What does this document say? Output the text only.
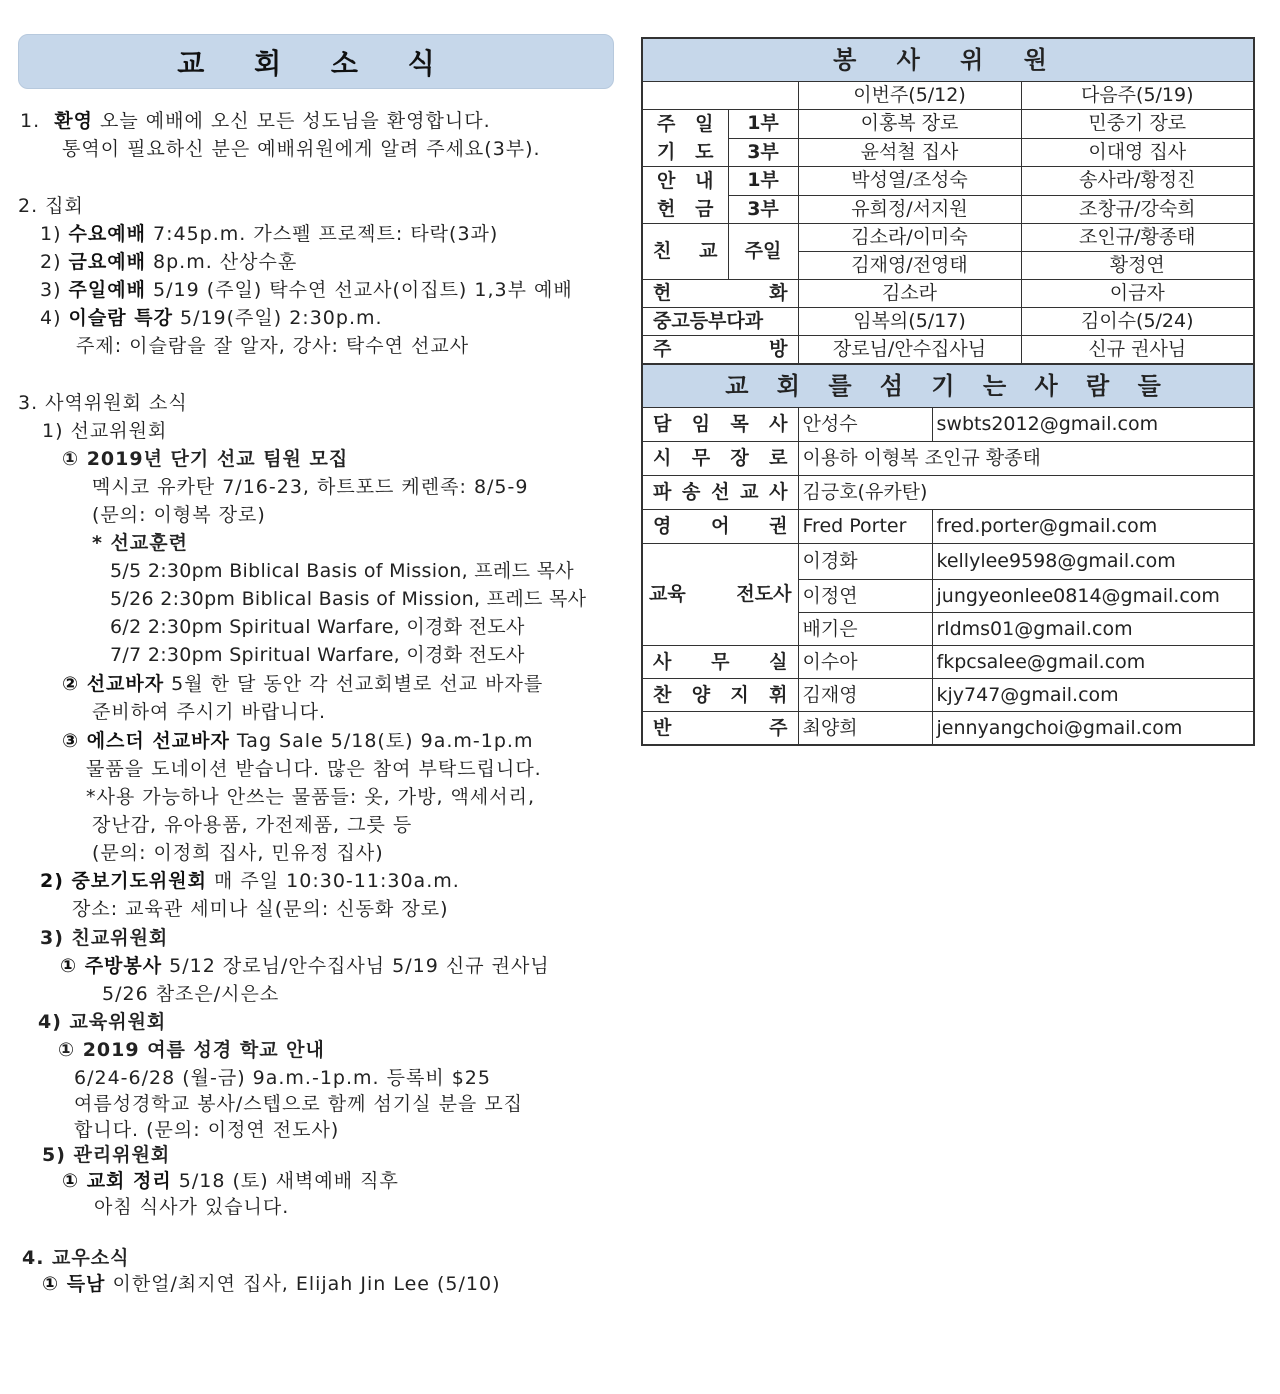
교 회 소 식
1. 환영 오늘 예배에 오신 모든 성도님을 환영합니다.
통역이 필요하신 분은 예배위원에게 알려 주세요(3부).
2. 집회
1) 수요예배 7:45p.m. 가스펠 프로젝트: 타락(3과)
2) 금요예배 8p.m. 산상수훈
3) 주일예배 5/19 (주일) 탁수연 선교사(이집트) 1,3부 예배
4) 이슬람 특강 5/19(주일) 2:30p.m.
주제: 이슬람을 잘 알자, 강사: 탁수연 선교사
3. 사역위원회 소식
1) 선교위원회
① 2019년 단기 선교 팀원 모집
멕시코 유카탄 7/16-23, 하트포드 케렌족: 8/5-9
(문의: 이형복 장로)
* 선교훈련
5/5 2:30pm Biblical Basis of Mission, 프레드 목사
5/26 2:30pm Biblical Basis of Mission, 프레드 목사
6/2 2:30pm Spiritual Warfare, 이경화 전도사
7/7 2:30pm Spiritual Warfare, 이경화 전도사
② 선교바자 5월 한 달 동안 각 선교회별로 선교 바자를
준비하여 주시기 바랍니다.
③ 에스더 선교바자 Tag Sale 5/18(토) 9a.m-1p.m
물품을 도네이션 받습니다. 많은 참여 부탁드립니다.
*사용 가능하나 안쓰는 물품들: 옷, 가방, 액세서리,
장난감, 유아용품, 가전제품, 그릇 등
(문의: 이정희 집사, 민유정 집사)
2) 중보기도위원회 매 주일 10:30-11:30a.m.
장소: 교육관 세미나 실(문의: 신동화 장로)
3) 친교위원회
① 주방봉사 5/12 장로님/안수집사님 5/19 신규 권사님
5/26 참조은/시은소
4) 교육위원회
① 2019 여름 성경 학교 안내
6/24-6/28 (월-금) 9a.m.-1p.m. 등록비 $25
여름성경학교 봉사/스텝으로 함께 섬기실 분을 모집
합니다. (문의: 이정연 전도사)
5) 관리위원회
① 교회 정리 5/18 (토) 새벽예배 직후
아침 식사가 있습니다.
4. 교우소식
① 득남 이한얼/최지연 집사, Elijah Jin Lee (5/10)
봉 사 위 원			
		이번주(5/12)	다음주(5/19)

주 일
기 도	1부	이홍복 장로	민중기 장로
	3부	윤석철 집사	이대영 집사

안 내
헌 금	1부	박성열/조성숙	송사라/황정진
	3부	유희정/서지원	조창규/강숙희
친 교	주일	김소라/이미숙	조인규/황종태
		김재영/전영태	황정연
헌 화		김소라	이금자
중고등부다과		임복의(5/17)	김이수(5/24)
주 방		장로님/안수집사님	신규 권사님
교 회 를 섬 기 는 사 람 들		
담 임 목 사	안성수	swbts2012@gmail.com
시 무 장 로	이용하 이형복 조인규 황종태	
파 송 선 교 사	김긍호(유카탄)	
영 어 권	Fred Porter	fred.porter@gmail.com
교육 전도사	이경화	kellylee9598@gmail.com
	이정연	jungyeonlee0814@gmail.com
	배기은	rldms01@gmail.com
사 무 실	이수아	fkpcsalee@gmail.com
찬 양 지 휘	김재영	kjy747@gmail.com
반 주	최양희	jennyangchoi@gmail.com
